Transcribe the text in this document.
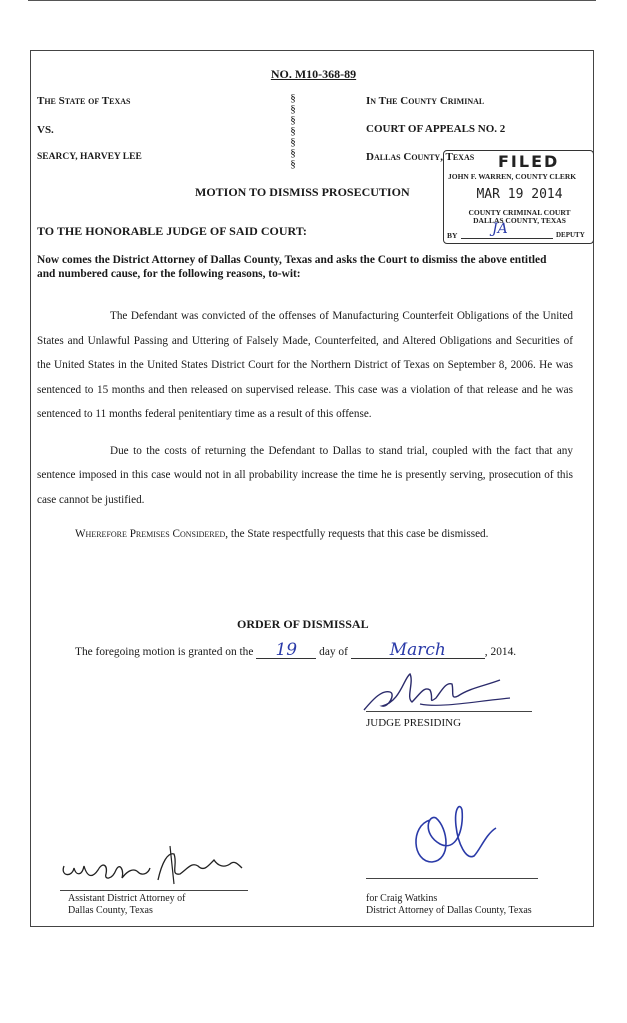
NO. M10-368-89
The State of Texas
VS.
SEARCY, HARVEY LEE
§
§
§
§
§
§
§
In The County Criminal
COURT OF APPEALS NO. 2
Dallas County, Texas FILED
JOHN F. WARREN, COUNTY CLERK
MAR 19 2014
COUNTY CRIMINAL COURT
DALLAS COUNTY, TEXAS
BY JA	DEPUTY
MOTION TO DISMISS PROSECUTION
TO THE HONORABLE JUDGE OF SAID COURT:
Now comes the District Attorney of Dallas County, Texas and asks the Court to dismiss the above entitled and numbered cause, for the following reasons, to-wit:

The Defendant was convicted of the offenses of Manufacturing Counterfeit Obligations of the United States and Unlawful Passing and Uttering of Falsely Made, Counterfeited, and Altered Obligations and Securities of the United States in the United States District Court for the Northern District of Texas on September 8, 2006. He was sentenced to 15 months and then released on supervised release. This case was a violation of that release and he was sentenced to 11 months federal penitentiary time as a result of this offense.

Due to the costs of returning the Defendant to Dallas to stand trial, coupled with the fact that any sentence imposed in this case would not in all probability increase the time he is presently serving, prosecution of this case cannot be justified.

Wherefore Premises Considered, the State respectfully requests that this case be dismissed.

ORDER OF DISMISSAL
The foregoing motion is granted on the 19 day of March	, 2014.
JUDGE PRESIDING
Assistant District Attorney of
Dallas County, Texas
for Craig Watkins
District Attorney of Dallas County, Texas
